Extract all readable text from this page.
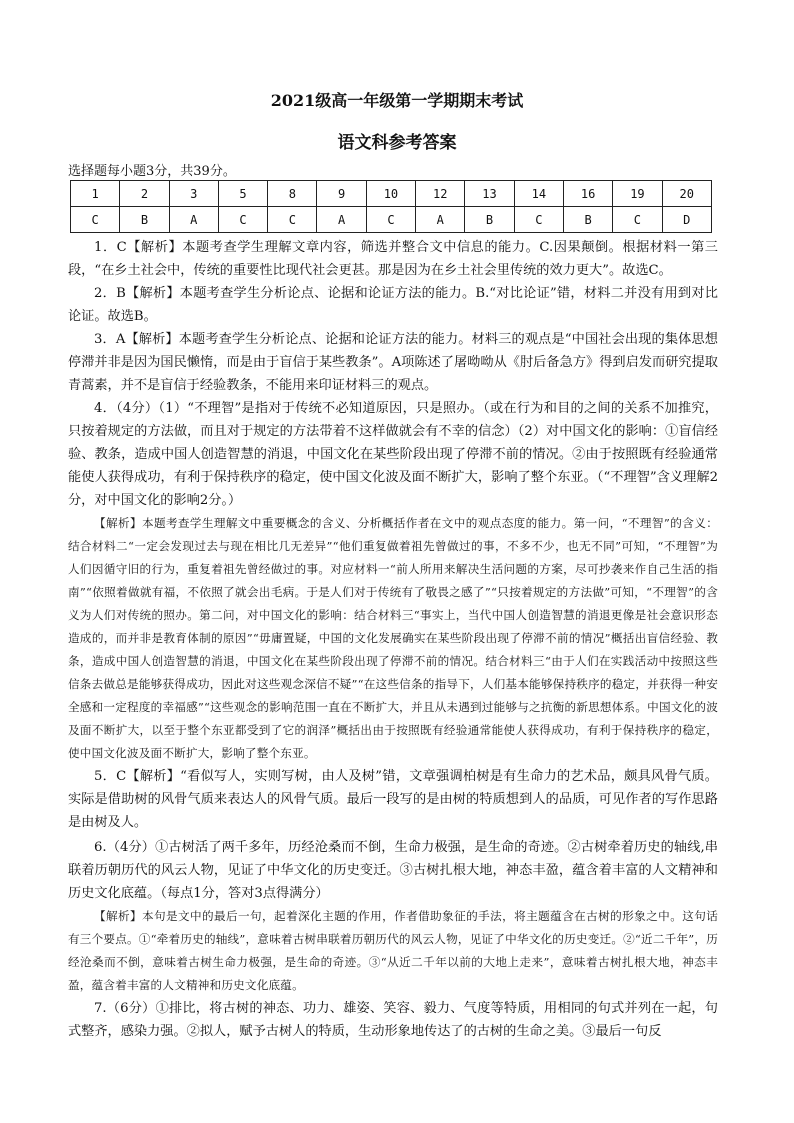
2021级高一年级第一学期期末考试
语文科参考答案
选择题每小题3分，共39分。
1	2	3	5	8	9	10	12	13	14	16	19	20
C	B	A	C	C	A	C	A	B	C	B	C	D

1．C【解析】本题考查学生理解文章内容，筛选并整合文中信息的能力。C.因果颠倒。根据材料一第三段，“在乡土社会中，传统的重要性比现代社会更甚。那是因为在乡土社会里传统的效力更大”。故选C。

2．B【解析】本题考查学生分析论点、论据和论证方法的能力。B.“对比论证”错，材料二并没有用到对比论证。故选B。

3．A【解析】本题考查学生分析论点、论据和论证方法的能力。材料三的观点是“中国社会出现的集体思想停滞并非是因为国民懒惰，而是由于盲信于某些教条”。A项陈述了屠呦呦从《肘后备急方》得到启发而研究提取青蒿素，并不是盲信于经验教条，不能用来印证材料三的观点。

4．（4分）（1）“不理智”是指对于传统不必知道原因，只是照办。（或在行为和目的之间的关系不加推究，只按着规定的方法做，而且对于规定的方法带着不这样做就会有不幸的信念）（2）对中国文化的影响：①盲信经验、教条，造成中国人创造智慧的消退，中国文化在某些阶段出现了停滞不前的情况。②由于按照既有经验通常能使人获得成功，有利于保持秩序的稳定，使中国文化波及面不断扩大，影响了整个东亚。（“不理智”含义理解2分，对中国文化的影响2分。）

【解析】本题考查学生理解文中重要概念的含义、分析概括作者在文中的观点态度的能力。第一问，“不理智”的含义：结合材料二“一定会发现过去与现在相比几无差异”“他们重复做着祖先曾做过的事，不多不少，也无不同”可知，“不理智”为人们因循守旧的行为，重复着祖先曾经做过的事。对应材料一“前人所用来解决生活问题的方案，尽可抄袭来作自己生活的指南”“依照着做就有福，不依照了就会出毛病。于是人们对于传统有了敬畏之感了”“只按着规定的方法做”可知，“不理智”的含义为人们对传统的照办。第二问，对中国文化的影响：结合材料三“事实上，当代中国人创造智慧的消退更像是社会意识形态造成的，而并非是教育体制的原因”“毋庸置疑，中国的文化发展确实在某些阶段出现了停滞不前的情况”概括出盲信经验、教条，造成中国人创造智慧的消退，中国文化在某些阶段出现了停滞不前的情况。结合材料三“由于人们在实践活动中按照这些信条去做总是能够获得成功，因此对这些观念深信不疑”“在这些信条的指导下，人们基本能够保持秩序的稳定，并获得一种安全感和一定程度的幸福感”“这些观念的影响范围一直在不断扩大，并且从未遇到过能够与之抗衡的新思想体系。中国文化的波及面不断扩大，以至于整个东亚都受到了它的润泽”概括出由于按照既有经验通常能使人获得成功，有利于保持秩序的稳定，使中国文化波及面不断扩大，影响了整个东亚。

5．C【解析】“看似写人，实则写树，由人及树”错，文章强调柏树是有生命力的艺术品，颇具风骨气质。实际是借助树的风骨气质来表达人的风骨气质。最后一段写的是由树的特质想到人的品质，可见作者的写作思路是由树及人。

6.（4分）①古树活了两千多年，历经沧桑而不倒，生命力极强，是生命的奇迹。②古树牵着历史的轴线,串联着历朝历代的风云人物，见证了中华文化的历史变迁。③古树扎根大地，神态丰盈，蕴含着丰富的人文精神和历史文化底蕴。（每点1分，答对3点得满分）

【解析】本句是文中的最后一句，起着深化主题的作用，作者借助象征的手法，将主题蕴含在古树的形象之中。这句话有三个要点。①“牵着历史的轴线”，意味着古树串联着历朝历代的风云人物，见证了中华文化的历史变迁。②“近二千年”，历经沧桑而不倒，意味着古树生命力极强，是生命的奇迹。③“从近二千年以前的大地上走来”，意味着古树扎根大地，神态丰盈，蕴含着丰富的人文精神和历史文化底蕴。

7.（6分）①排比，将古树的神态、功力、雄姿、笑容、毅力、气度等特质，用相同的句式并列在一起，句式整齐，感染力强。②拟人，赋予古树人的特质，生动形象地传达了的古树的生命之美。③最后一句反
